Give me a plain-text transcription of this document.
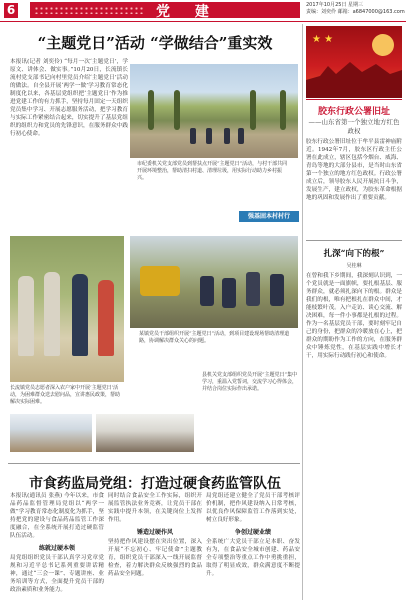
6	党 建	2017年10月25日 星期三
责编：刘奕伶 邮箱：a6847000@163.com
“主题党日”活动 “学做结合”重实效
本报讯(记者 刘奕伶) “每月一次‘主题党日’，学原文、讲体会、做实事。”10月20日，长流镇长流村党支部书记向村里党员介绍‘主题党日’活动的做法。自全县开展‘两学一做’学习教育常态化制度化以来，各基层党组织把‘主题党日’作为推进党建工作的有力抓手，坚持每月固定一天组织党员集中学习、开展志愿服务活动，把学习教育与实际工作紧密结合起来，切实提升了基层党组织的组织力和党员的先锋意识，在服务群众中践行初心使命。
市纪委机关党支部党员到帮扶点开展“主题党日”活动，与村干部共同开展环境整治，帮助清扫村道、清理垃圾，用实际行动助力乡村振兴。
强基固本村村行
长流镇党员志愿者深入农户家中开展‘主题党日’活动，为困难群众送去慰问品，宣讲惠民政策，帮助解决实际困难。
某镇党员干部组织开展“主题党日”活动，到项目建设现场帮助清理道路，协调解决群众关心的问题。
县机关党支部组织党员开展“主题党日”集中学习，重温入党誓词，交流学习心得体会，并结合岗位实际作出承诺。
市食药监局党组：打造过硬食药监管队伍
本报讯(通讯员 张燕) 今年以来，市食品药品监督管理局党组以“两学一做”学习教育常态化制度化为抓手，坚持把党的建设与食品药品监管工作深度融合，在全系统开展打造过硬监管队伍活动。
练就过硬本领
局党组组织党员干部认真学习党章党规和习近平总书记系列重要讲话精神，通过“三会一课”、专题讲座、业务培训等方式，全面提升党员干部的政治素质和业务能力。
同时结合食品安全工作实际，组织开展监管执法业务竞赛，让党员干部在实践中提升本领，在关键岗位上发挥作用。
锤造过硬作风
坚持把作风建设摆在突出位置，深入开展“不忘初心、牢记使命”主题教育，组织党员干部深入一线开展监督检查，着力解决群众反映强烈的食品药品安全问题。
局党组还建立健全了党员干部考核评价机制，把作风建设纳入日常考核，以优良作风保障监管工作落到实处，树立良好形象。
争创过硬业绩
全系统广大党员干部立足本职、奋发有为，在食品安全城市创建、药品安全专项整治等重点工作中勇挑重担，取得了明显成效，群众满意度不断提升。
★ ★
胶东行政公署旧址
——山东省第一个独立地方红色政权
胶东行政公署旧址位于牟平县雷神庙附近。1942年7月，胶东区行政主任公署在此成立，辖区包括今烟台、威海、青岛等地的大部分县市，是当时山东省第一个独立的地方红色政权。行政公署成立后，领导胶东人民开展抗日斗争，发展生产，建立政权，为胶东革命根据地的巩固和发展作出了重要贡献。
扎深“向下的根”
吴桂琳
在曾和我下乡期间，我深刻认识到，一个党员就是一面旗帜，要扎根基层、服务群众，就必须扎深向下的根。群众是我们的根，唯有把根扎在群众中间，才能枝繁叶茂。入户走访、谈心交流、解决困难，每一件小事都是扎根的过程。作为一名基层党员干部，要时刻牢记自己的身份，把群众的冷暖放在心上，把群众的期盼作为工作的方向，在服务群众中锤炼党性，在基层实践中增长才干，用实际行动践行初心和使命。
